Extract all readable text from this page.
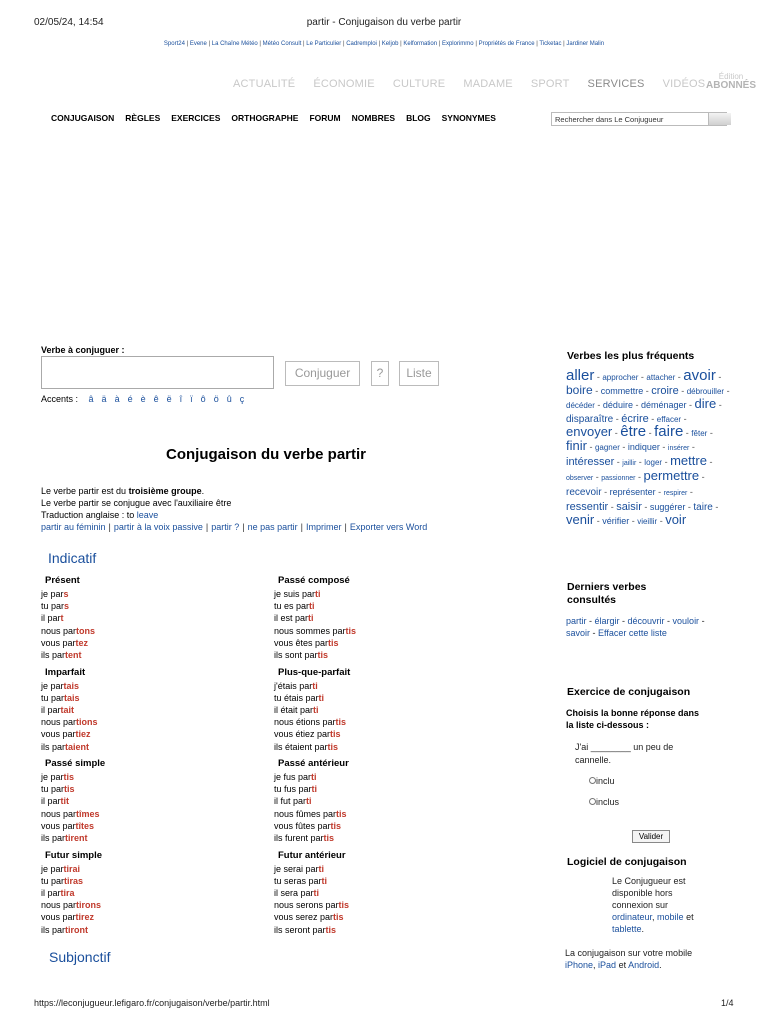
02/05/24, 14:54	partir - Conjugaison du verbe partir
Sport24 | Evene | La Chaîne Météo | Météo Consult | Le Particulier | Cadremploi | Keljob | Kelformation | Explorimmo | Propriétés de France | Ticketac | Jardiner Malin
ACTUALITÉ ÉCONOMIE CULTURE MADAME SPORT SERVICES VIDÉOS
Édition
ABONNÉS
CONJUGAISON RÈGLES EXERCICES ORTHOGRAPHE FORUM NOMBRES BLOG SYNONYMES	Rechercher dans Le Conjugueur
Verbe à conjuguer :
Conjuguer	?	Liste
Accents : â ä à é è ê ë î ï ô ö û ç
Conjugaison du verbe partir
Le verbe partir est du troisième groupe.
Le verbe partir se conjugue avec l'auxiliaire être
Traduction anglaise : to leave
partir au féminin | partir à la voix passive | partir ? | ne pas partir | Imprimer | Exporter vers Word
Indicatif
Subjonctif
Verbes les plus fréquents
aller - approcher - attacher - avoir - boire - commettre - croire - débrouiller - décéder - déduire - déménager - dire - disparaître - écrire - effacer - envoyer - être - faire - fêter - finir - gagner - indiquer - insérer - intéresser - jaillir - loger - mettre - observer - passionner - permettre - recevoir - représenter - respirer - ressentir - saisir - suggérer - taire - venir - vérifier - vieillir - voir
Derniers verbes
consultés
partir - élargir - découvrir - vouloir - savoir - Effacer cette liste
Exercice de conjugaison
Choisis la bonne réponse dans
la liste ci-dessous :
J'ai ________ un peu de
cannelle.
inclu
inclus
Valider
Logiciel de conjugaison
Le Conjugueur est
disponible hors
connexion sur
ordinateur, mobile et
tablette.
La conjugaison sur votre mobile
iPhone, iPad et Android.
https://leconjugueur.lefigaro.fr/conjugaison/verbe/partir.html	1/4
Présent
je pars
tu pars
il part
nous partons
vous partez
ils partent
Imparfait
je partais
tu partais
il partait
nous partions
vous partiez
ils partaient
Passé simple
je partis
tu partis
il partit
nous partîmes
vous partîtes
ils partirent
Futur simple
je partirai
tu partiras
il partira
nous partirons
vous partirez
ils partiront
Passé composé
je suis parti
tu es parti
il est parti
nous sommes partis
vous êtes partis
ils sont partis
Plus-que-parfait
j'étais parti
tu étais parti
il était parti
nous étions partis
vous étiez partis
ils étaient partis
Passé antérieur
je fus parti
tu fus parti
il fut parti
nous fûmes partis
vous fûtes partis
ils furent partis
Futur antérieur
je serai parti
tu seras parti
il sera parti
nous serons partis
vous serez partis
ils seront partis
